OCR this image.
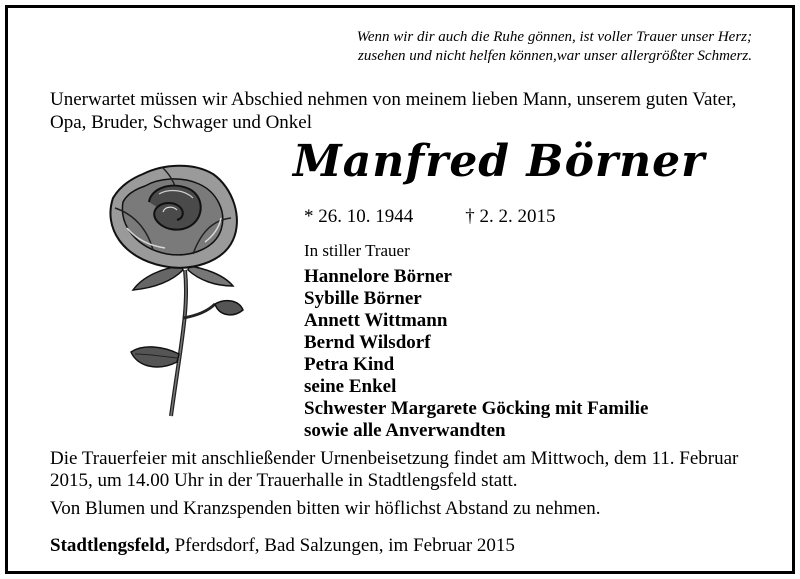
Wenn wir dir auch die Ruhe gönnen, ist voller Trauer unser Herz;
zusehen und nicht helfen können,war unser allergrößter Schmerz.
Unerwartet müssen wir Abschied nehmen von meinem lieben Mann, unserem guten Vater, Opa, Bruder, Schwager und Onkel
Manfred Börner
* 26. 10. 1944	† 2. 2. 2015
In stiller Trauer
Hannelore Börner
Sybille Börner
Annett Wittmann
Bernd Wilsdorf
Petra Kind
seine Enkel
Schwester Margarete Göcking mit Familie
sowie alle Anverwandten
Die Trauerfeier mit anschließender Urnenbeisetzung findet am Mittwoch, dem 11. Februar 2015, um 14.00 Uhr in der Trauerhalle in Stadtlengsfeld statt.
Von Blumen und Kranzspenden bitten wir höflichst Abstand zu nehmen.
Stadtlengsfeld, Pferdsdorf, Bad Salzungen, im Februar 2015
